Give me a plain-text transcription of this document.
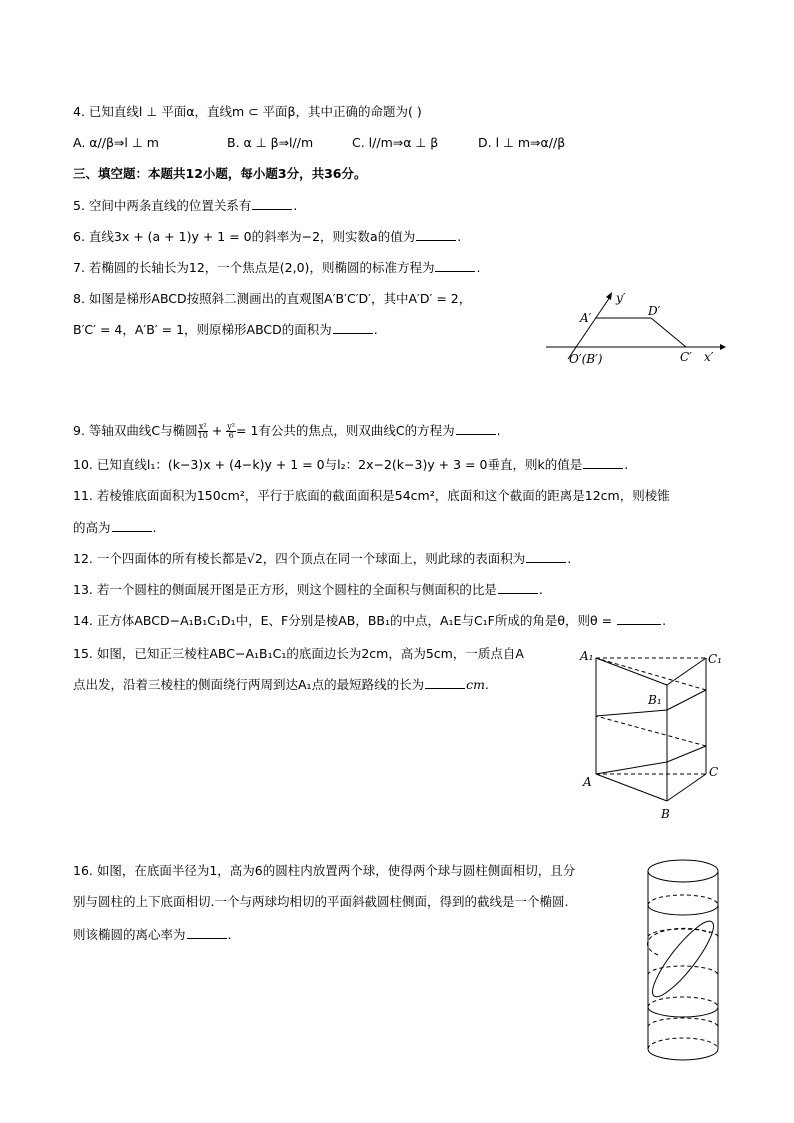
4. 已知直线l ⊥ 平面α，直线m ⊂ 平面β，其中正确的命题为( )
A. α//β⇒l ⊥ m	B. α ⊥ β⇒l//m	C. l//m⇒α ⊥ β	D. l ⊥ m⇒α//β
三、填空题：本题共12小题，每小题3分，共36分。
5. 空间中两条直线的位置关系有	.
6. 直线3x + (a + 1)y + 1 = 0的斜率为−2，则实数a的值为	.
7. 若椭圆的长轴长为12，一个焦点是(2,0)，则椭圆的标准方程为	.
8. 如图是梯形ABCD按照斜二测画出的直观图A′B′C′D′，其中A′D′ = 2，
B′C′ = 4，A′B′ = 1，则原梯形ABCD的面积为	.
A′	D′
y′
O′(B′)	C′ x′
9. 等轴双曲线C与椭圆 $\frac{\text{x²}}{10} + \frac{\text{y²}}{6} = 1$有公共的焦点，则双曲线C的方程为	.
10. 已知直线l₁：(k−3)x + (4−k)y + 1 = 0与l₂：2x−2(k−3)y + 3 = 0垂直，则k的值是	.
11. 若棱锥底面面积为150cm²，平行于底面的截面面积是54cm²，底面和这个截面的距离是12cm，则棱锥
的高为	.
12. 一个四面体的所有棱长都是√2，四个顶点在同一个球面上，则此球的表面积为	.
13. 若一个圆柱的侧面展开图是正方形，则这个圆柱的全面积与侧面积的比是	.
14. 正方体ABCD−A₁B₁C₁D₁中，E、F分别是棱AB，BB₁的中点，A₁E与C₁F所成的角是θ，则θ =	.
15. 如图，已知正三棱柱ABC−A₁B₁C₁的底面边长为2cm，高为5cm，一质点自A
点出发，沿着三棱柱的侧面绕行两周到达A₁点的最短路线的长为	cm.
A₁	C₁
B₁
A
C
B
16. 如图，在底面半径为1，高为6的圆柱内放置两个球，使得两个球与圆柱侧面相切，且分
别与圆柱的上下底面相切.一个与两球均相切的平面斜截圆柱侧面，得到的截线是一个椭圆.
则该椭圆的离心率为	.
